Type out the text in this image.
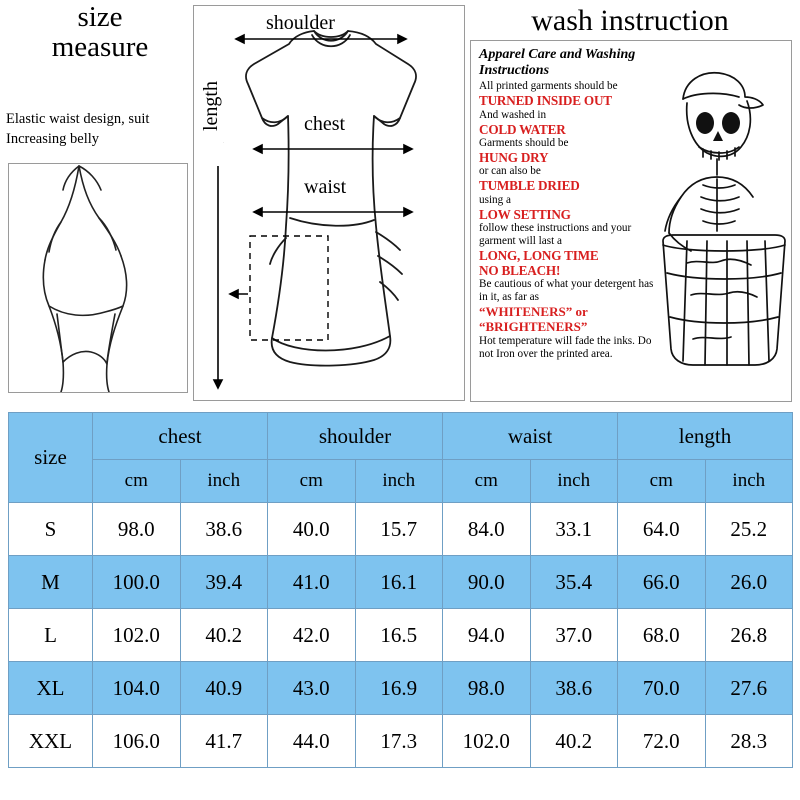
size
measure
wash instruction
Elastic waist design, suit Increasing belly
shoulder
chest
waist
length
Apparel Care and Washing Instructions
All printed garments should be
TURNED INSIDE OUT
And washed in
COLD WATER
Garments should be
HUNG DRY
or can also be
TUMBLE DRIED
using a
LOW SETTING
follow these instructions and your garment will last a
LONG, LONG TIME
NO BLEACH!
Be cautious of what your detergent has in it, as far as
“WHITENERS” or
“BRIGHTENERS”
Hot temperature will fade the inks. Do not Iron over the printed area.
size	chest		shoulder		waist		length	
	cm	inch	cm	inch	cm	inch	cm	inch
S	98.0	38.6	40.0	15.7	84.0	33.1	64.0	25.2
M	100.0	39.4	41.0	16.1	90.0	35.4	66.0	26.0
L	102.0	40.2	42.0	16.5	94.0	37.0	68.0	26.8
XL	104.0	40.9	43.0	16.9	98.0	38.6	70.0	27.6
XXL	106.0	41.7	44.0	17.3	102.0	40.2	72.0	28.3
